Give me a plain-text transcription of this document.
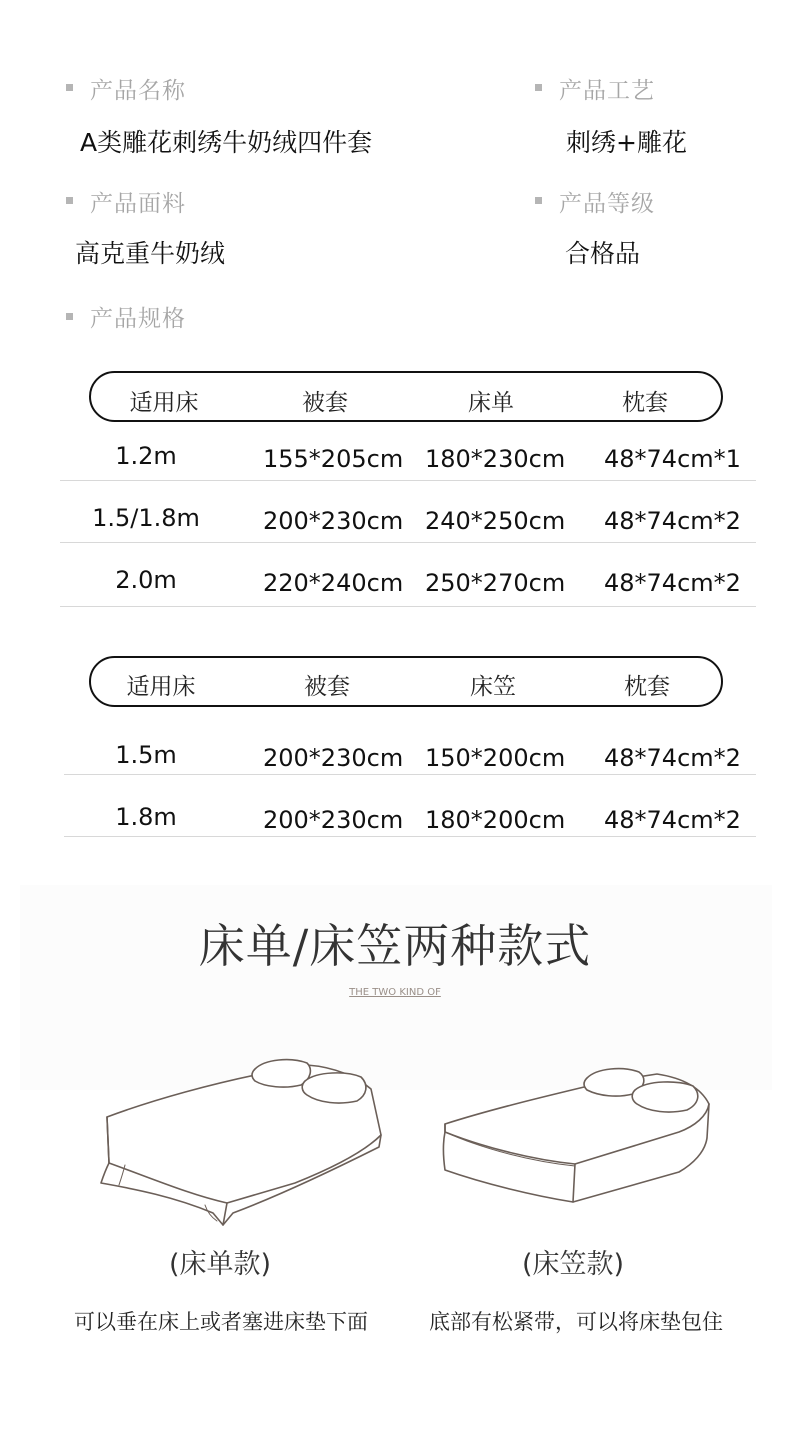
产品名称
A类雕花刺绣牛奶绒四件套
产品工艺
刺绣+雕花
产品面料
高克重牛奶绒
产品等级
合格品
产品规格
适用床	被套	床单	枕套
1.2m	155*205cm 180*230cm 48*74cm*1
1.5/1.8m	200*230cm 240*250cm 48*74cm*2
2.0m	220*240cm 250*270cm 48*74cm*2
适用床	被套	床笠	枕套
1.5m	200*230cm 150*200cm 48*74cm*2
1.8m	200*230cm 180*200cm 48*74cm*2
床单/床笠两种款式
THE TWO KIND OF
(床单款)	(床笠款)
可以垂在床上或者塞进床垫下面	底部有松紧带，可以将床垫包住
